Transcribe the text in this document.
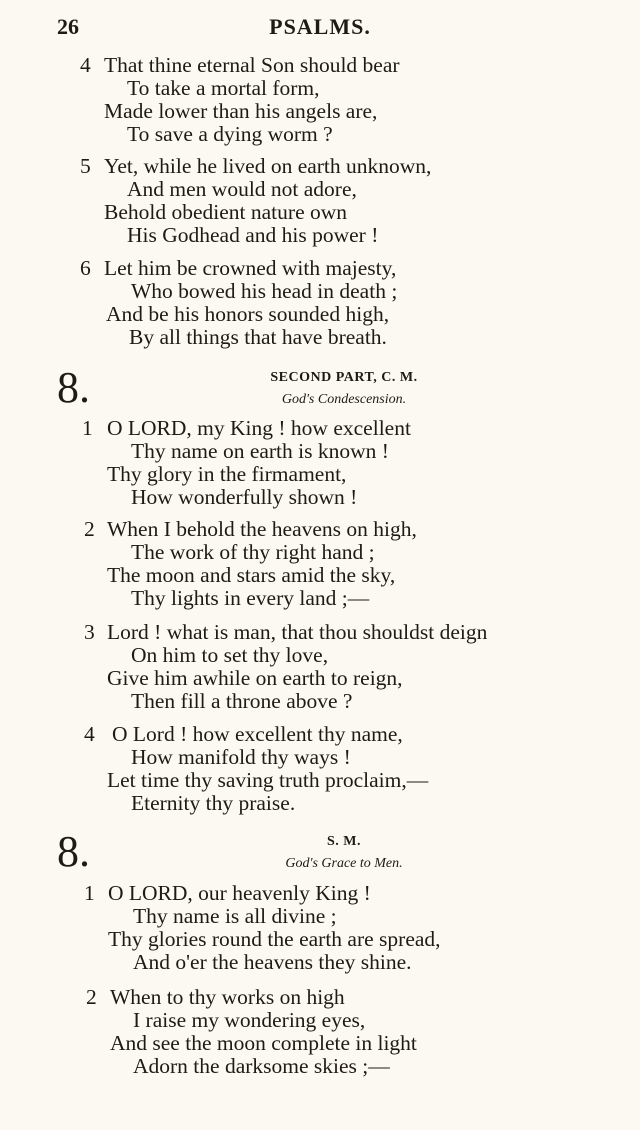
26	PSALMS.
4 That thine eternal Son should bear
To take a mortal form,
Made lower than his angels are,
To save a dying worm ?
5 Yet, while he lived on earth unknown,
And men would not adore,
Behold obedient nature own
His Godhead and his power !
6 Let him be crowned with majesty,
Who bowed his head in death ;
And be his honors sounded high,
By all things that have breath.
8.	SECOND PART, C. M.
God's Condescension.
1 O LORD, my King ! how excellent
Thy name on earth is known !
Thy glory in the firmament,
How wonderfully shown !
2 When I behold the heavens on high,
The work of thy right hand ;
The moon and stars amid the sky,
Thy lights in every land ;—
3 Lord ! what is man, that thou shouldst deign
On him to set thy love,
Give him awhile on earth to reign,
Then fill a throne above ?
4 O Lord ! how excellent thy name,
How manifold thy ways !
Let time thy saving truth proclaim,—
Eternity thy praise.
8.	S. M.
God's Grace to Men.
1 O LORD, our heavenly King !
Thy name is all divine ;
Thy glories round the earth are spread,
And o'er the heavens they shine.
2 When to thy works on high
I raise my wondering eyes,
And see the moon complete in light
Adorn the darksome skies ;—
